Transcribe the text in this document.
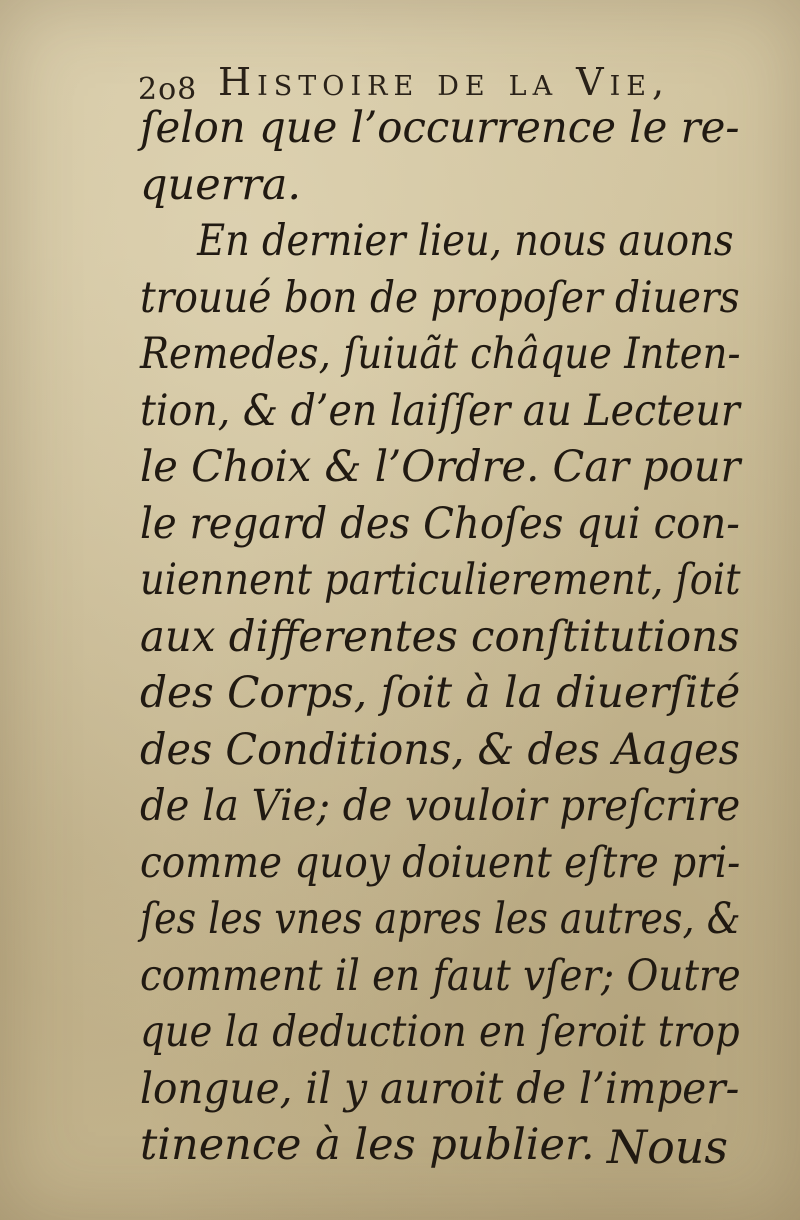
2o8 Histoire de la Vie,
ſelon que l’occurrence le re-
querra.
En dernier lieu, nous auons
trouué bon de propoſer diuers
Remedes, ſuiuãt châque Inten-
tion, & d’en laiſſer au Lecteur
le Choix & l’Ordre. Car pour
le regard des Choſes qui con-
uiennent particulierement, ſoit
aux differentes conſtitutions
des Corps, ſoit à la diuerſité
des Conditions, & des Aages
de la Vie; de vouloir preſcrire
comme quoy doiuent eſtre pri-
ſes les vnes apres les autres, &
comment il en faut vſer; Outre
que la deduction en ſeroit trop
longue, il y auroit de l’imper-
tinence à les publier. Nous
